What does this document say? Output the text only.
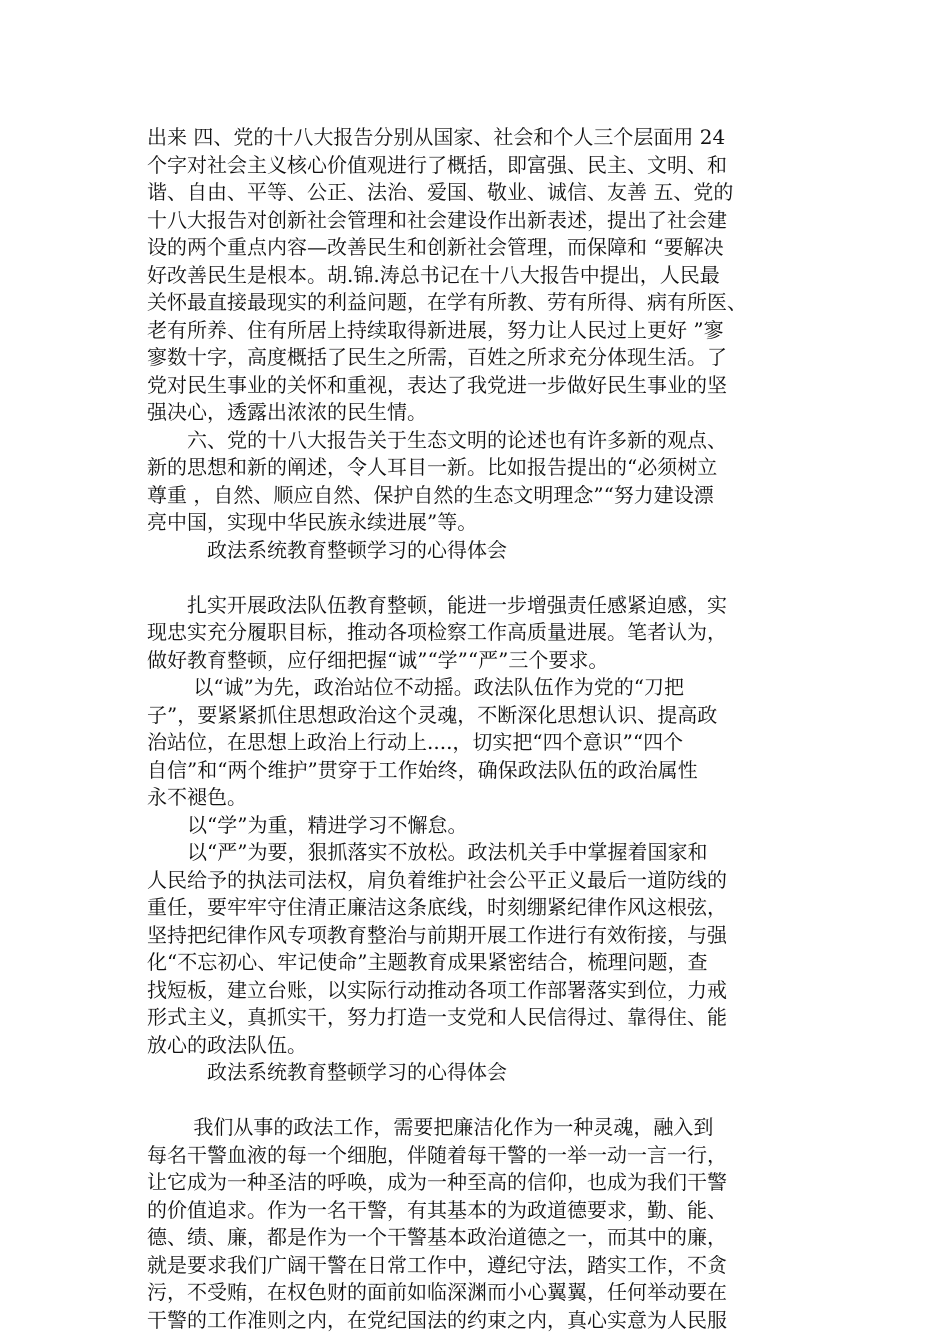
出来 四、党的十八大报告分别从国家、社会和个人三个层面用 24
个字对社会主义核心价值观进行了概括，即富强、民主、文明、和
谐、自由、平等、公正、法治、爱国、敬业、诚信、友善 五、党的
十八大报告对创新社会管理和社会建设作出新表述，提出了社会建
设的两个重点内容—改善民生和创新社会管理，而保障和 “要解决
好改善民生是根本。胡.锦.涛总书记在十八大报告中提出，人民最
关怀最直接最现实的利益问题，在学有所教、劳有所得、病有所医、
老有所养、住有所居上持续取得新进展，努力让人民过上更好 ”寥
寥数十字，高度概括了民生之所需，百姓之所求充分体现生活。了
党对民生事业的关怀和重视，表达了我党进一步做好民生事业的坚
强决心，透露出浓浓的民生情。
　　六、党的十八大报告关于生态文明的论述也有许多新的观点、
新的思想和新的阐述，令人耳目一新。比如报告提出的“必须树立
尊重 ，自然、顺应自然、保护自然的生态文明理念”“努力建设漂
亮中国，实现中华民族永续进展”等。
　　　政法系统教育整顿学习的心得体会
　　扎实开展政法队伍教育整顿，能进一步增强责任感紧迫感，实
现忠实充分履职目标，推动各项检察工作高质量进展。笔者认为，
做好教育整顿，应仔细把握“诚”“学”“严”三个要求。
　　 以“诚”为先，政治站位不动摇。政法队伍作为党的“刀把
子”，要紧紧抓住思想政治这个灵魂，不断深化思想认识、提高政
治站位，在思想上政治上行动上....，切实把“四个意识”“四个
自信”和“两个维护”贯穿于工作始终，确保政法队伍的政治属性
永不褪色。
　　以“学”为重，精进学习不懈怠。
　　以“严”为要，狠抓落实不放松。政法机关手中掌握着国家和
人民给予的执法司法权，肩负着维护社会公平正义最后一道防线的
重任，要牢牢守住清正廉洁这条底线，时刻绷紧纪律作风这根弦，
坚持把纪律作风专项教育整治与前期开展工作进行有效衔接，与强
化“不忘初心、牢记使命”主题教育成果紧密结合，梳理问题，查
找短板，建立台账，以实际行动推动各项工作部署落实到位，力戒
形式主义，真抓实干，努力打造一支党和人民信得过、靠得住、能
放心的政法队伍。
　　　政法系统教育整顿学习的心得体会
　　 我们从事的政法工作，需要把廉洁化作为一种灵魂，融入到
每名干警血液的每一个细胞，伴随着每干警的一举一动一言一行，
让它成为一种圣洁的呼唤，成为一种至高的信仰，也成为我们干警
的价值追求。作为一名干警，有其基本的为政道德要求，勤、能、
德、绩、廉，都是作为一个干警基本政治道德之一，而其中的廉，
就是要求我们广阔干警在日常工作中，遵纪守法，踏实工作，不贪
污，不受贿，在权色财的面前如临深渊而小心翼翼，任何举动要在
干警的工作准则之内，在党纪国法的约束之内，真心实意为人民服
